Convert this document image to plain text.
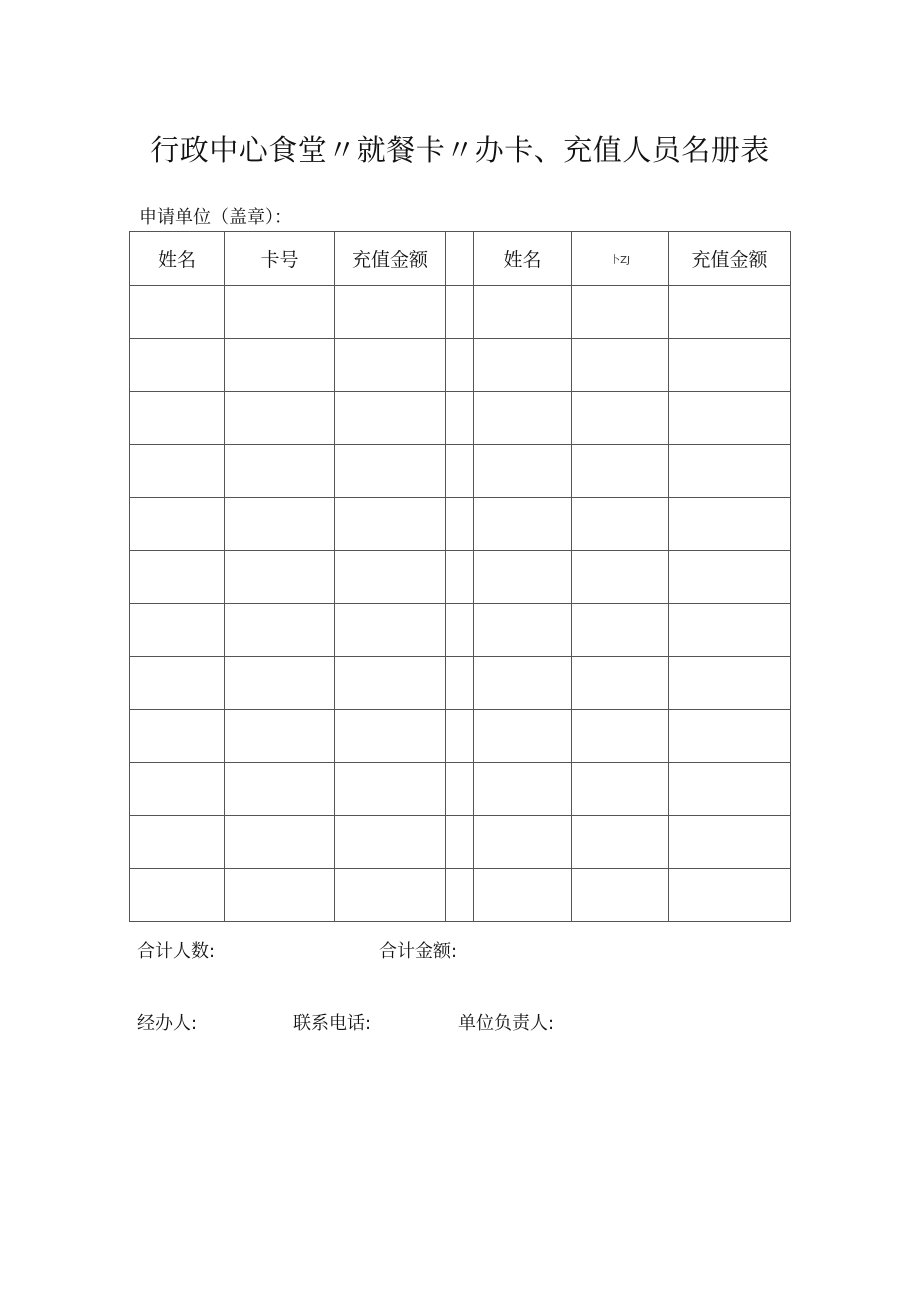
行政中心食堂〃就餐卡〃办卡、充值人员名册表
申请单位（盖章）：
姓名	卡号	充值金额		姓名	卜ZJ	充值金额

合计人数:	合计金额:
经办人:	联系电话:	单位负责人:
